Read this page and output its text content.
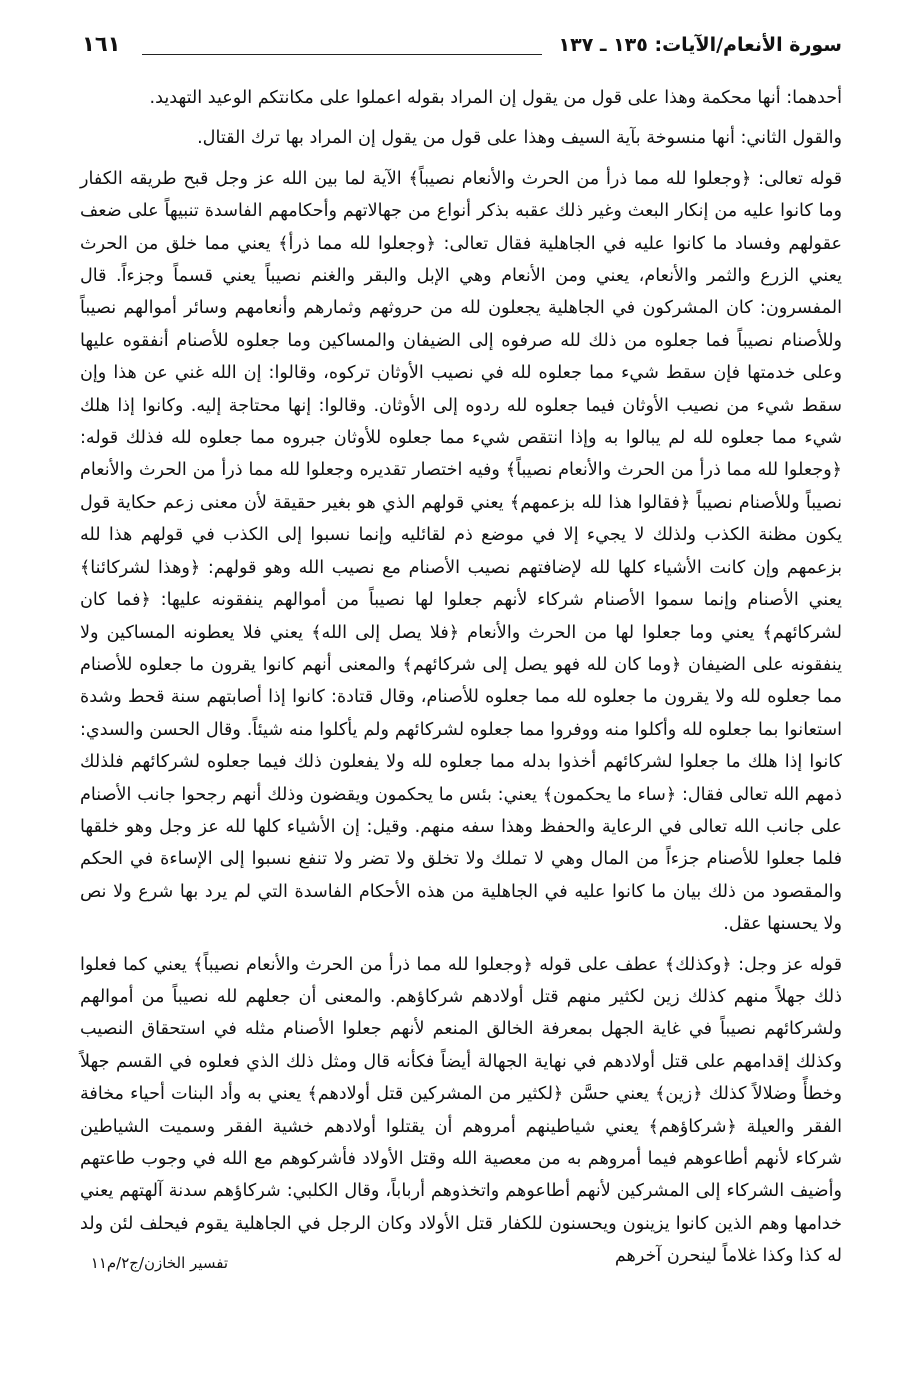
سورة الأنعام/الآيات: ١٣٥ ـ ١٣٧
١٦١

أحدهما: أنها محكمة وهذا على قول من يقول إن المراد بقوله اعملوا على مكانتكم الوعيد التهديد.

والقول الثاني: أنها منسوخة بآية السيف وهذا على قول من يقول إن المراد بها ترك القتال.

قوله تعالى: ﴿وجعلوا لله مما ذرأ من الحرث والأنعام نصيباً﴾ الآية لما بين الله عز وجل قبح طريقه الكفار وما كانوا عليه من إنكار البعث وغير ذلك عقبه بذكر أنواع من جهالاتهم وأحكامهم الفاسدة تنبيهاً على ضعف عقولهم وفساد ما كانوا عليه في الجاهلية فقال تعالى: ﴿وجعلوا لله مما ذرأ﴾ يعني مما خلق من الحرث يعني الزرع والثمر والأنعام، يعني ومن الأنعام وهي الإبل والبقر والغنم نصيباً يعني قسماً وجزءاً. قال المفسرون: كان المشركون في الجاهلية يجعلون لله من حروثهم وثمارهم وأنعامهم وسائر أموالهم نصيباً وللأصنام نصيباً فما جعلوه من ذلك لله صرفوه إلى الضيفان والمساكين وما جعلوه للأصنام أنفقوه عليها وعلى خدمتها فإن سقط شيء مما جعلوه لله في نصيب الأوثان تركوه، وقالوا: إن الله غني عن هذا وإن سقط شيء من نصيب الأوثان فيما جعلوه لله ردوه إلى الأوثان. وقالوا: إنها محتاجة إليه. وكانوا إذا هلك شيء مما جعلوه لله لم يبالوا به وإذا انتقص شيء مما جعلوه للأوثان جبروه مما جعلوه لله فذلك قوله: ﴿وجعلوا لله مما ذرأ من الحرث والأنعام نصيباً﴾ وفيه اختصار تقديره وجعلوا لله مما ذرأ من الحرث والأنعام نصيباً وللأصنام نصيباً ﴿فقالوا هذا لله بزعمهم﴾ يعني قولهم الذي هو بغير حقيقة لأن معنى زعم حكاية قول يكون مظنة الكذب ولذلك لا يجيء إلا في موضع ذم لقائليه وإنما نسبوا إلى الكذب في قولهم هذا لله بزعمهم وإن كانت الأشياء كلها لله لإضافتهم نصيب الأصنام مع نصيب الله وهو قولهم: ﴿وهذا لشركائنا﴾ يعني الأصنام وإنما سموا الأصنام شركاء لأنهم جعلوا لها نصيباً من أموالهم ينفقونه عليها: ﴿فما كان لشركائهم﴾ يعني وما جعلوا لها من الحرث والأنعام ﴿فلا يصل إلى الله﴾ يعني فلا يعطونه المساكين ولا ينفقونه على الضيفان ﴿وما كان لله فهو يصل إلى شركائهم﴾ والمعنى أنهم كانوا يقرون ما جعلوه للأصنام مما جعلوه لله ولا يقرون ما جعلوه لله مما جعلوه للأصنام، وقال قتادة: كانوا إذا أصابتهم سنة قحط وشدة استعانوا بما جعلوه لله وأكلوا منه ووفروا مما جعلوه لشركائهم ولم يأكلوا منه شيئاً. وقال الحسن والسدي: كانوا إذا هلك ما جعلوا لشركائهم أخذوا بدله مما جعلوه لله ولا يفعلون ذلك فيما جعلوه لشركائهم فلذلك ذمهم الله تعالى فقال: ﴿ساء ما يحكمون﴾ يعني: بئس ما يحكمون ويقضون وذلك أنهم رجحوا جانب الأصنام على جانب الله تعالى في الرعاية والحفظ وهذا سفه منهم. وقيل: إن الأشياء كلها لله عز وجل وهو خلقها فلما جعلوا للأصنام جزءاً من المال وهي لا تملك ولا تخلق ولا تضر ولا تنفع نسبوا إلى الإساءة في الحكم والمقصود من ذلك بيان ما كانوا عليه في الجاهلية من هذه الأحكام الفاسدة التي لم يرد بها شرع ولا نص ولا يحسنها عقل.

قوله عز وجل: ﴿وكذلك﴾ عطف على قوله ﴿وجعلوا لله مما ذرأ من الحرث والأنعام نصيباً﴾ يعني كما فعلوا ذلك جهلاً منهم كذلك زين لكثير منهم قتل أولادهم شركاؤهم. والمعنى أن جعلهم لله نصيباً من أموالهم ولشركائهم نصيباً في غاية الجهل بمعرفة الخالق المنعم لأنهم جعلوا الأصنام مثله في استحقاق النصيب وكذلك إقدامهم على قتل أولادهم في نهاية الجهالة أيضاً فكأنه قال ومثل ذلك الذي فعلوه في القسم جهلاً وخطأً وضلالاً كذلك ﴿زين﴾ يعني حسَّن ﴿لكثير من المشركين قتل أولادهم﴾ يعني به وأد البنات أحياء مخافة الفقر والعيلة ﴿شركاؤهم﴾ يعني شياطينهم أمروهم أن يقتلوا أولادهم خشية الفقر وسميت الشياطين شركاء لأنهم أطاعوهم فيما أمروهم به من معصية الله وقتل الأولاد فأشركوهم مع الله في وجوب طاعتهم وأضيف الشركاء إلى المشركين لأنهم أطاعوهم واتخذوهم أرباباً، وقال الكلبي: شركاؤهم سدنة آلهتهم يعني خدامها وهم الذين كانوا يزينون ويحسنون للكفار قتل الأولاد وكان الرجل في الجاهلية يقوم فيحلف لئن ولد له كذا وكذا غلاماً لينحرن آخرهم

تفسير الخازن/ج٢/م١١
